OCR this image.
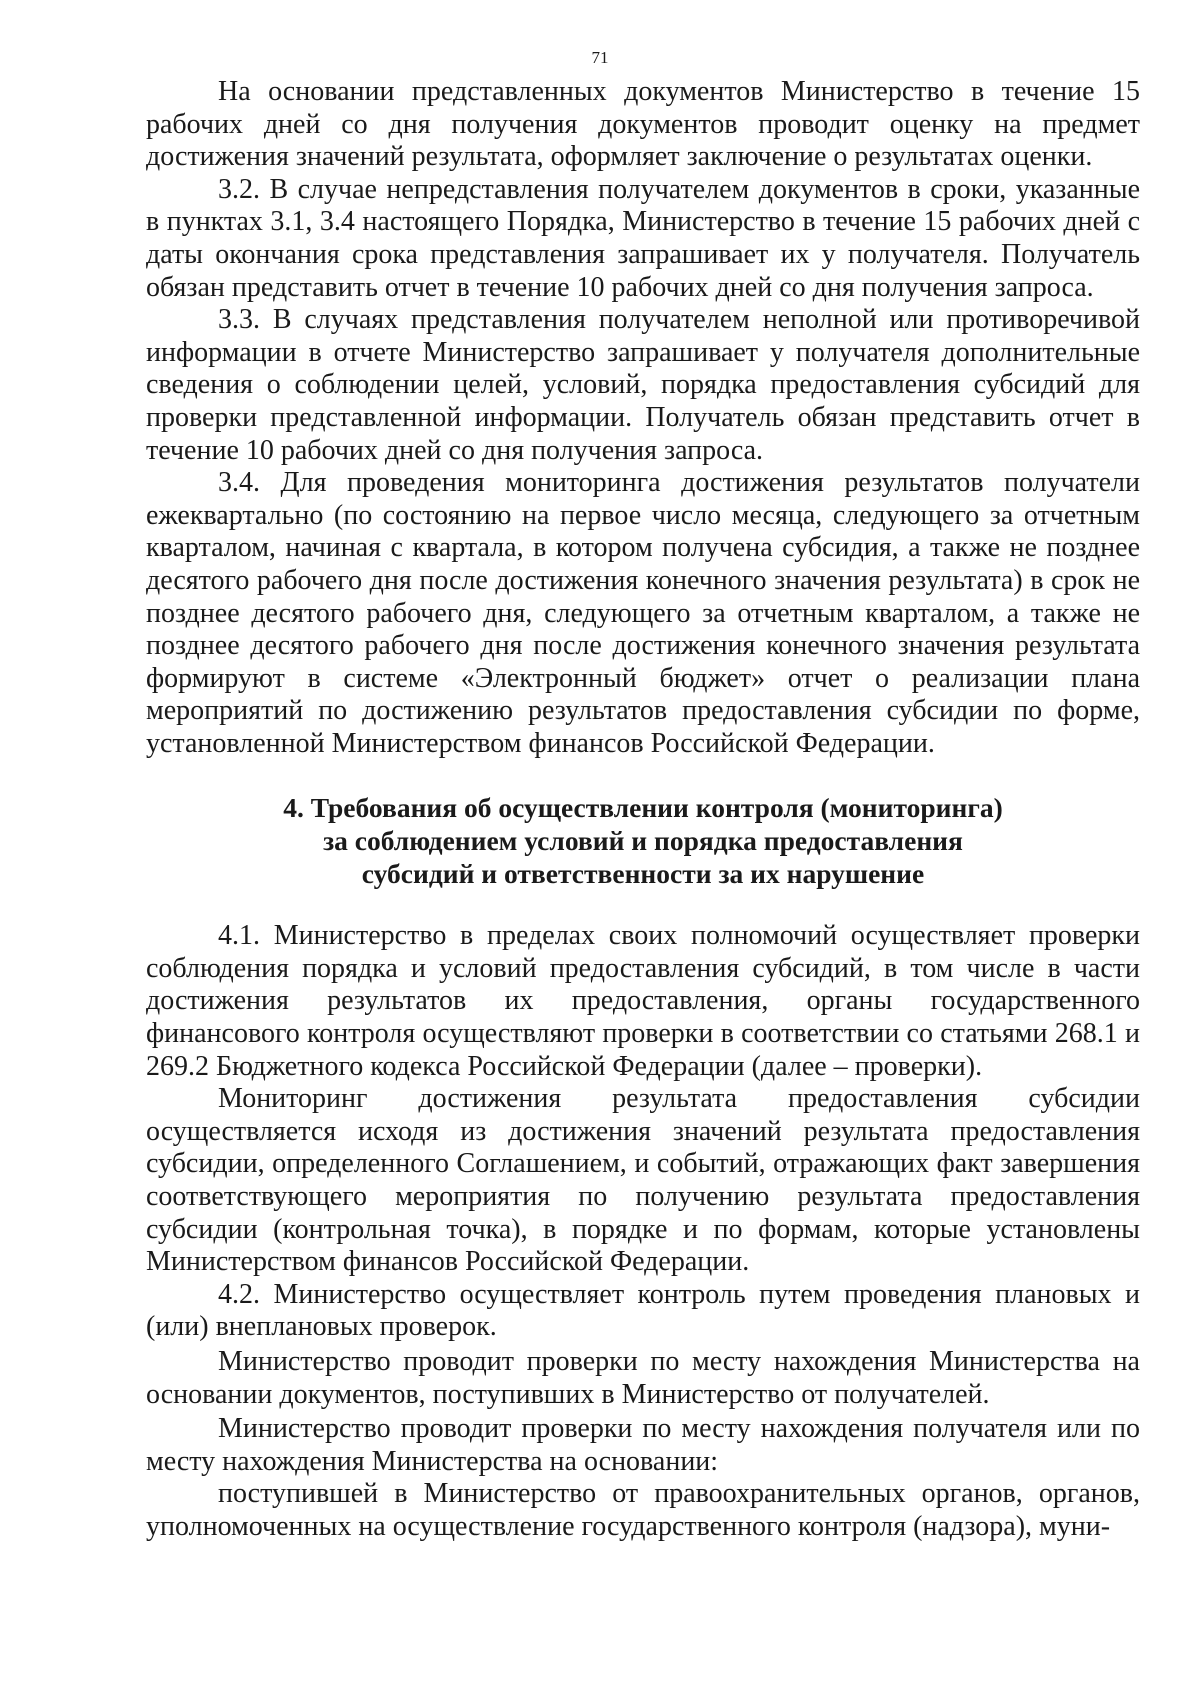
71

На основании представленных документов Министерство в течение 15 рабочих дней со дня получения документов проводит оценку на предмет достижения значений результата, оформляет заключение о результатах оценки.

3.2. В случае непредставления получателем документов в сроки, указанные в пунктах 3.1, 3.4 настоящего Порядка, Министерство в течение 15 рабочих дней с даты окончания срока представления запрашивает их у получателя. Получатель обязан представить отчет в течение 10 рабочих дней со дня получения запроса.

3.3. В случаях представления получателем неполной или противоречивой информации в отчете Министерство запрашивает у получателя дополнительные сведения о соблюдении целей, условий, порядка предоставления субсидий для проверки представленной информации. Получатель обязан представить отчет в течение 10 рабочих дней со дня получения запроса.

3.4. Для проведения мониторинга достижения результатов получатели ежеквартально (по состоянию на первое число месяца, следующего за отчетным кварталом, начиная с квартала, в котором получена субсидия, а также не позднее десятого рабочего дня после достижения конечного значения результата) в срок не позднее десятого рабочего дня, следующего за отчетным кварталом, а также не позднее десятого рабочего дня после достижения конечного значения результата формируют в системе «Электронный бюджет» отчет о реализации плана мероприятий по достижению результатов предоставления субсидии по форме, установленной Министерством финансов Российской Федерации.

4. Требования об осуществлении контроля (мониторинга)
за соблюдением условий и порядка предоставления
субсидий и ответственности за их нарушение

4.1. Министерство в пределах своих полномочий осуществляет проверки соблюдения порядка и условий предоставления субсидий, в том числе в части достижения результатов их предоставления, органы государственного финансового контроля осуществляют проверки в соответствии со статьями 268.1 и 269.2 Бюджетного кодекса Российской Федерации (далее – проверки).

Мониторинг достижения результата предоставления субсидии осуществляется исходя из достижения значений результата предоставления субсидии, определенного Соглашением, и событий, отражающих факт завершения соответствующего мероприятия по получению результата предоставления субсидии (контрольная точка), в порядке и по формам, которые установлены Министерством финансов Российской Федерации.

4.2. Министерство осуществляет контроль путем проведения плановых и (или) внеплановых проверок.

Министерство проводит проверки по месту нахождения Министерства на основании документов, поступивших в Министерство от получателей.

Министерство проводит проверки по месту нахождения получателя или по месту нахождения Министерства на основании:

поступившей в Министерство от правоохранительных органов, органов, уполномоченных на осуществление государственного контроля (надзора), муни-
